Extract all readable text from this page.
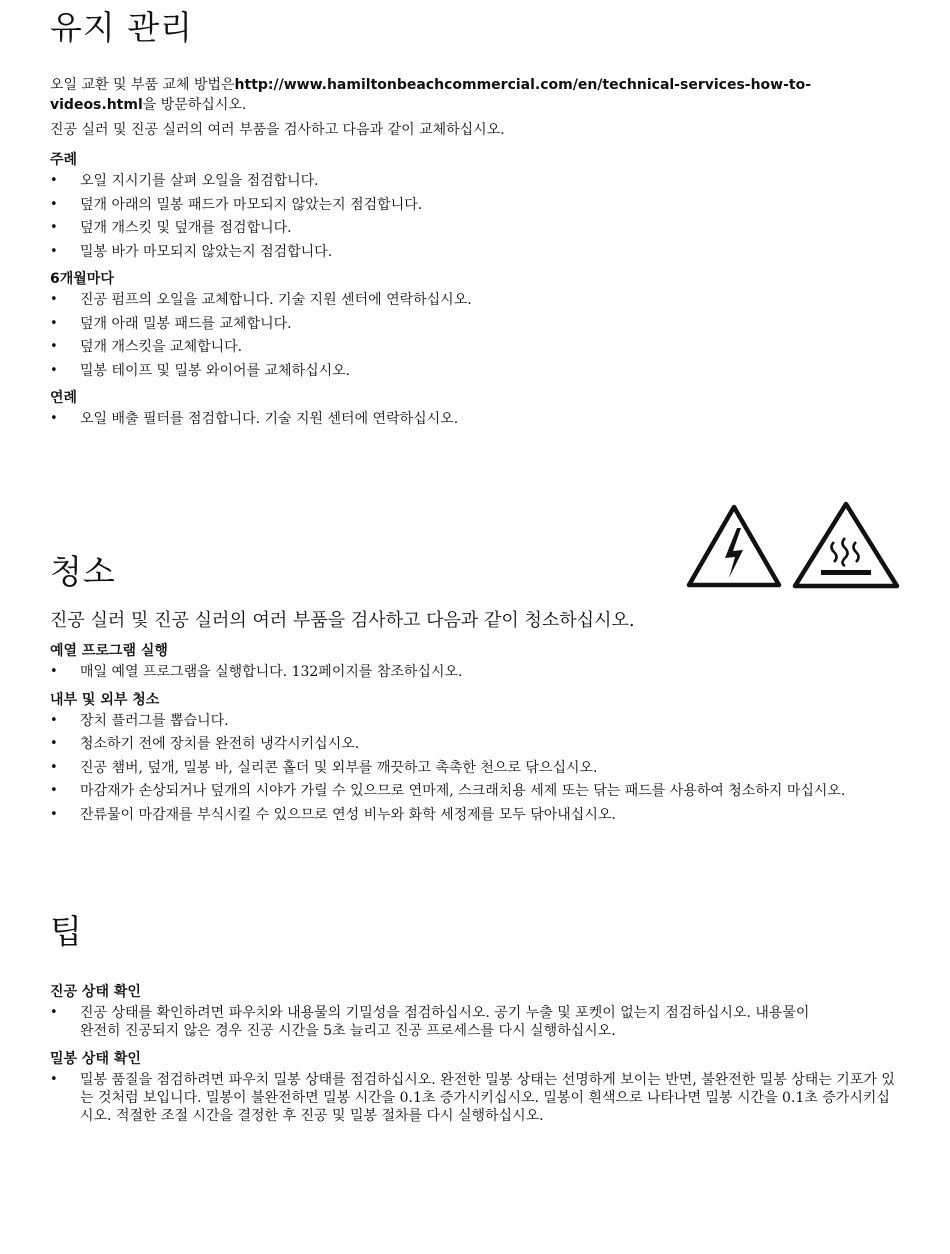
유지 관리

오일 교환 및 부품 교체 방법은http://www.hamiltonbeachcommercial.com/en/technical-services-how-to-
videos.html을 방문하십시오.

진공 실러 및 진공 실러의 여러 부품을 검사하고 다음과 같이 교체하십시오.

주례

• 오일 지시기를 살펴 오일을 점검합니다.
• 덮개 아래의 밀봉 패드가 마모되지 않았는지 점검합니다.
• 덮개 개스킷 및 덮개를 점검합니다.
• 밀봉 바가 마모되지 않았는지 점검합니다.

6개월마다

• 진공 펌프의 오일을 교체합니다. 기술 지원 센터에 연락하십시오.
• 덮개 아래 밀봉 패드를 교체합니다.
• 덮개 개스킷을 교체합니다.
• 밀봉 테이프 및 밀봉 와이어를 교체하십시오.

연례

• 오일 배출 필터를 점검합니다. 기술 지원 센터에 연락하십시오.
청소

진공 실러 및 진공 실러의 여러 부품을 검사하고 다음과 같이 청소하십시오.

예열 프로그램 실행

• 매일 예열 프로그램을 실행합니다. 132페이지를 참조하십시오.

내부 및 외부 청소

• 장치 플러그를 뽑습니다.
• 청소하기 전에 장치를 완전히 냉각시키십시오.
• 진공 챔버, 덮개, 밀봉 바, 실리콘 홀더 및 외부를 깨끗하고 촉촉한 천으로 닦으십시오.
• 마감재가 손상되거나 덮개의 시야가 가릴 수 있으므로 연마제, 스크래치용 세제 또는 닦는 패드를 사용하여 청소하지 마십시오.
• 잔류물이 마감재를 부식시킬 수 있으므로 연성 비누와 화학 세정제를 모두 닦아내십시오.
팁

진공 상태 확인

• 진공 상태를 확인하려면 파우치와 내용물의 기밀성을 점검하십시오. 공기 누출 및 포켓이 없는지 점검하십시오. 내용물이 완전히 진공되지 않은 경우 진공 시간을 5초 늘리고 진공 프로세스를 다시 실행하십시오.

밀봉 상태 확인

• 밀봉 품질을 점검하려면 파우치 밀봉 상태를 점검하십시오. 완전한 밀봉 상태는 선명하게 보이는 반면, 불완전한 밀봉 상태는 기포가 있는 것처럼 보입니다. 밀봉이 불완전하면 밀봉 시간을 0.1초 증가시키십시오. 밀봉이 흰색으로 나타나면 밀봉 시간을 0.1초 증가시키십시오. 적절한 조절 시간을 결정한 후 진공 및 밀봉 절차를 다시 실행하십시오.
